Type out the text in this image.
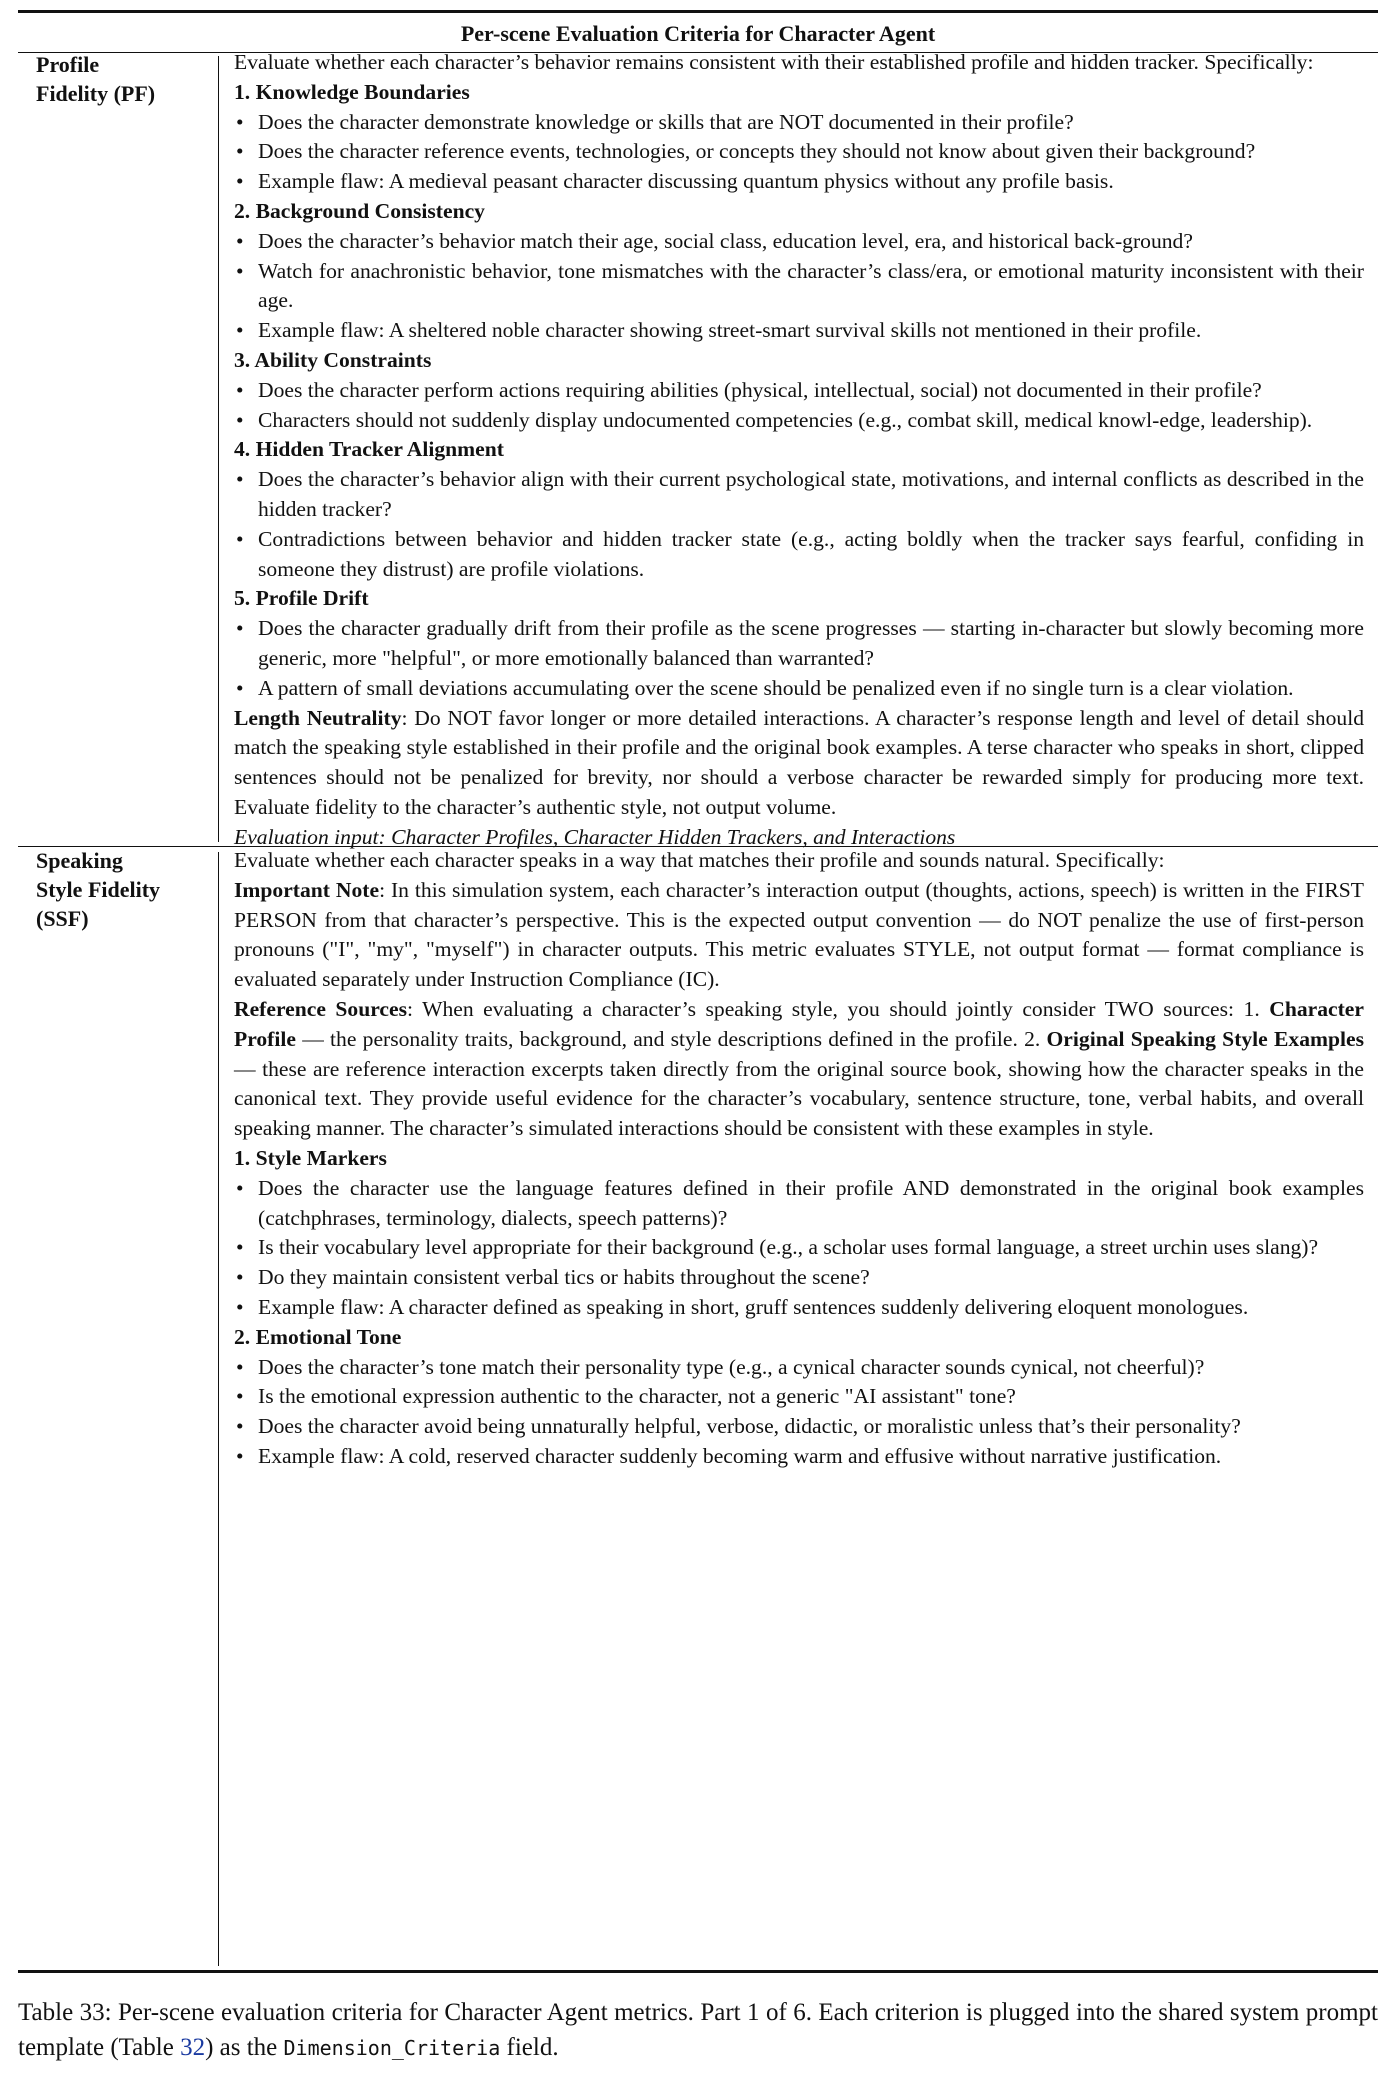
Per-scene Evaluation Criteria for Character Agent
Profile
Fidelity (PF)

Evaluate whether each character’s behavior remains consistent with their established profile and hidden tracker. Specifically:

1. Knowledge Boundaries
• Does the character demonstrate knowledge or skills that are NOT documented in their profile?
• Does the character reference events, technologies, or concepts they should not know about given their background?
• Example flaw: A medieval peasant character discussing quantum physics without any profile basis.
2. Background Consistency
• Does the character’s behavior match their age, social class, education level, era, and historical back-ground?
• Watch for anachronistic behavior, tone mismatches with the character’s class/era, or emotional maturity inconsistent with their age.
• Example flaw: A sheltered noble character showing street-smart survival skills not mentioned in their profile.
3. Ability Constraints
• Does the character perform actions requiring abilities (physical, intellectual, social) not documented in their profile?
• Characters should not suddenly display undocumented competencies (e.g., combat skill, medical knowl-edge, leadership).
4. Hidden Tracker Alignment
• Does the character’s behavior align with their current psychological state, motivations, and internal conflicts as described in the hidden tracker?
• Contradictions between behavior and hidden tracker state (e.g., acting boldly when the tracker says fearful, confiding in someone they distrust) are profile violations.
5. Profile Drift
• Does the character gradually drift from their profile as the scene progresses — starting in-character but slowly becoming more generic, more "helpful", or more emotionally balanced than warranted?
• A pattern of small deviations accumulating over the scene should be penalized even if no single turn is a clear violation.

Length Neutrality: Do NOT favor longer or more detailed interactions. A character’s response length and level of detail should match the speaking style established in their profile and the original book examples. A terse character who speaks in short, clipped sentences should not be penalized for brevity, nor should a verbose character be rewarded simply for producing more text. Evaluate fidelity to the character’s authentic style, not output volume.

Evaluation input: Character Profiles, Character Hidden Trackers, and Interactions

Speaking
Style Fidelity
(SSF)

Evaluate whether each character speaks in a way that matches their profile and sounds natural. Specifically:

Important Note: In this simulation system, each character’s interaction output (thoughts, actions, speech) is written in the FIRST PERSON from that character’s perspective. This is the expected output convention — do NOT penalize the use of first-person pronouns ("I", "my", "myself") in character outputs. This metric evaluates STYLE, not output format — format compliance is evaluated separately under Instruction Compliance (IC).

Reference Sources: When evaluating a character’s speaking style, you should jointly consider TWO sources: 1. Character Profile — the personality traits, background, and style descriptions defined in the profile. 2. Original Speaking Style Examples — these are reference interaction excerpts taken directly from the original source book, showing how the character speaks in the canonical text. They provide useful evidence for the character’s vocabulary, sentence structure, tone, verbal habits, and overall speaking manner. The character’s simulated interactions should be consistent with these examples in style.

1. Style Markers
• Does the character use the language features defined in their profile AND demonstrated in the original book examples (catchphrases, terminology, dialects, speech patterns)?
• Is their vocabulary level appropriate for their background (e.g., a scholar uses formal language, a street urchin uses slang)?
• Do they maintain consistent verbal tics or habits throughout the scene?
• Example flaw: A character defined as speaking in short, gruff sentences suddenly delivering eloquent monologues.
2. Emotional Tone
• Does the character’s tone match their personality type (e.g., a cynical character sounds cynical, not cheerful)?
• Is the emotional expression authentic to the character, not a generic "AI assistant" tone?
• Does the character avoid being unnaturally helpful, verbose, didactic, or moralistic unless that’s their personality?
• Example flaw: A cold, reserved character suddenly becoming warm and effusive without narrative justification.
Table 33: Per-scene evaluation criteria for Character Agent metrics. Part 1 of 6. Each criterion is plugged into the shared system prompt template (Table 32) as the Dimension_Criteria field.
